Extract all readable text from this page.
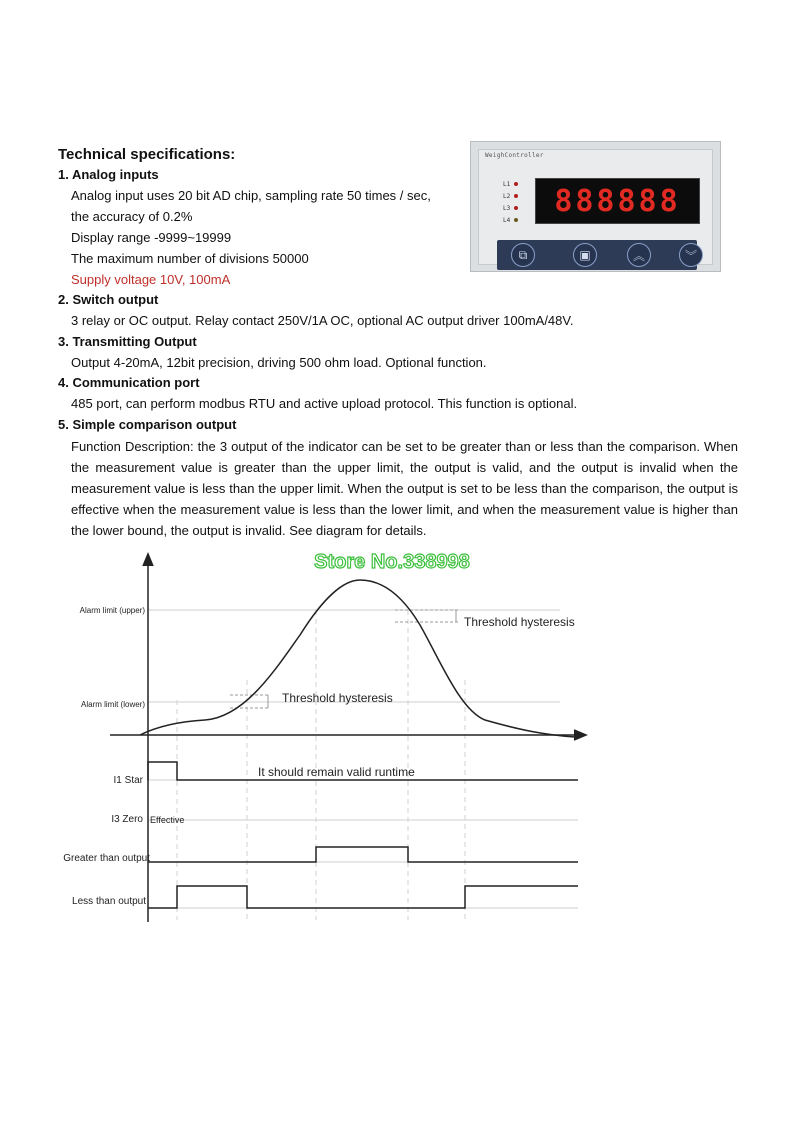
Technical specifications:
1. Analog inputs
Analog input uses 20 bit AD chip, sampling rate 50 times / sec,
the accuracy of 0.2%
Display range -9999~19999
The maximum number of divisions 50000
Supply voltage 10V, 100mA
2. Switch output
3 relay or OC output. Relay contact 250V/1A OC, optional AC output driver 100mA/48V.
3. Transmitting Output
Output 4-20mA, 12bit precision, driving 500 ohm load. Optional function.
4. Communication port
485 port, can perform modbus RTU and active upload protocol. This function is optional.
5. Simple comparison output
Function Description: the 3 output of the indicator can be set to be greater than or less than the comparison. When the measurement value is greater than the upper limit, the output is valid, and the output is invalid when the measurement value is less than the upper limit. When the output is set to be less than the comparison, the output is effective when the measurement value is less than the lower limit, and when the measurement value is higher than the lower bound, the output is invalid. See diagram for details.
WeighController
L1
L2
L3
L4
888888
⧉	▣	︽	︾
Store No.338998
Alarm limit (upper)
Alarm limit (lower)	Threshold hysteresis
Threshold hysteresis
I1 Star
It should remain valid runtime
I3 Zero Effective
Greater than output
Less than output
